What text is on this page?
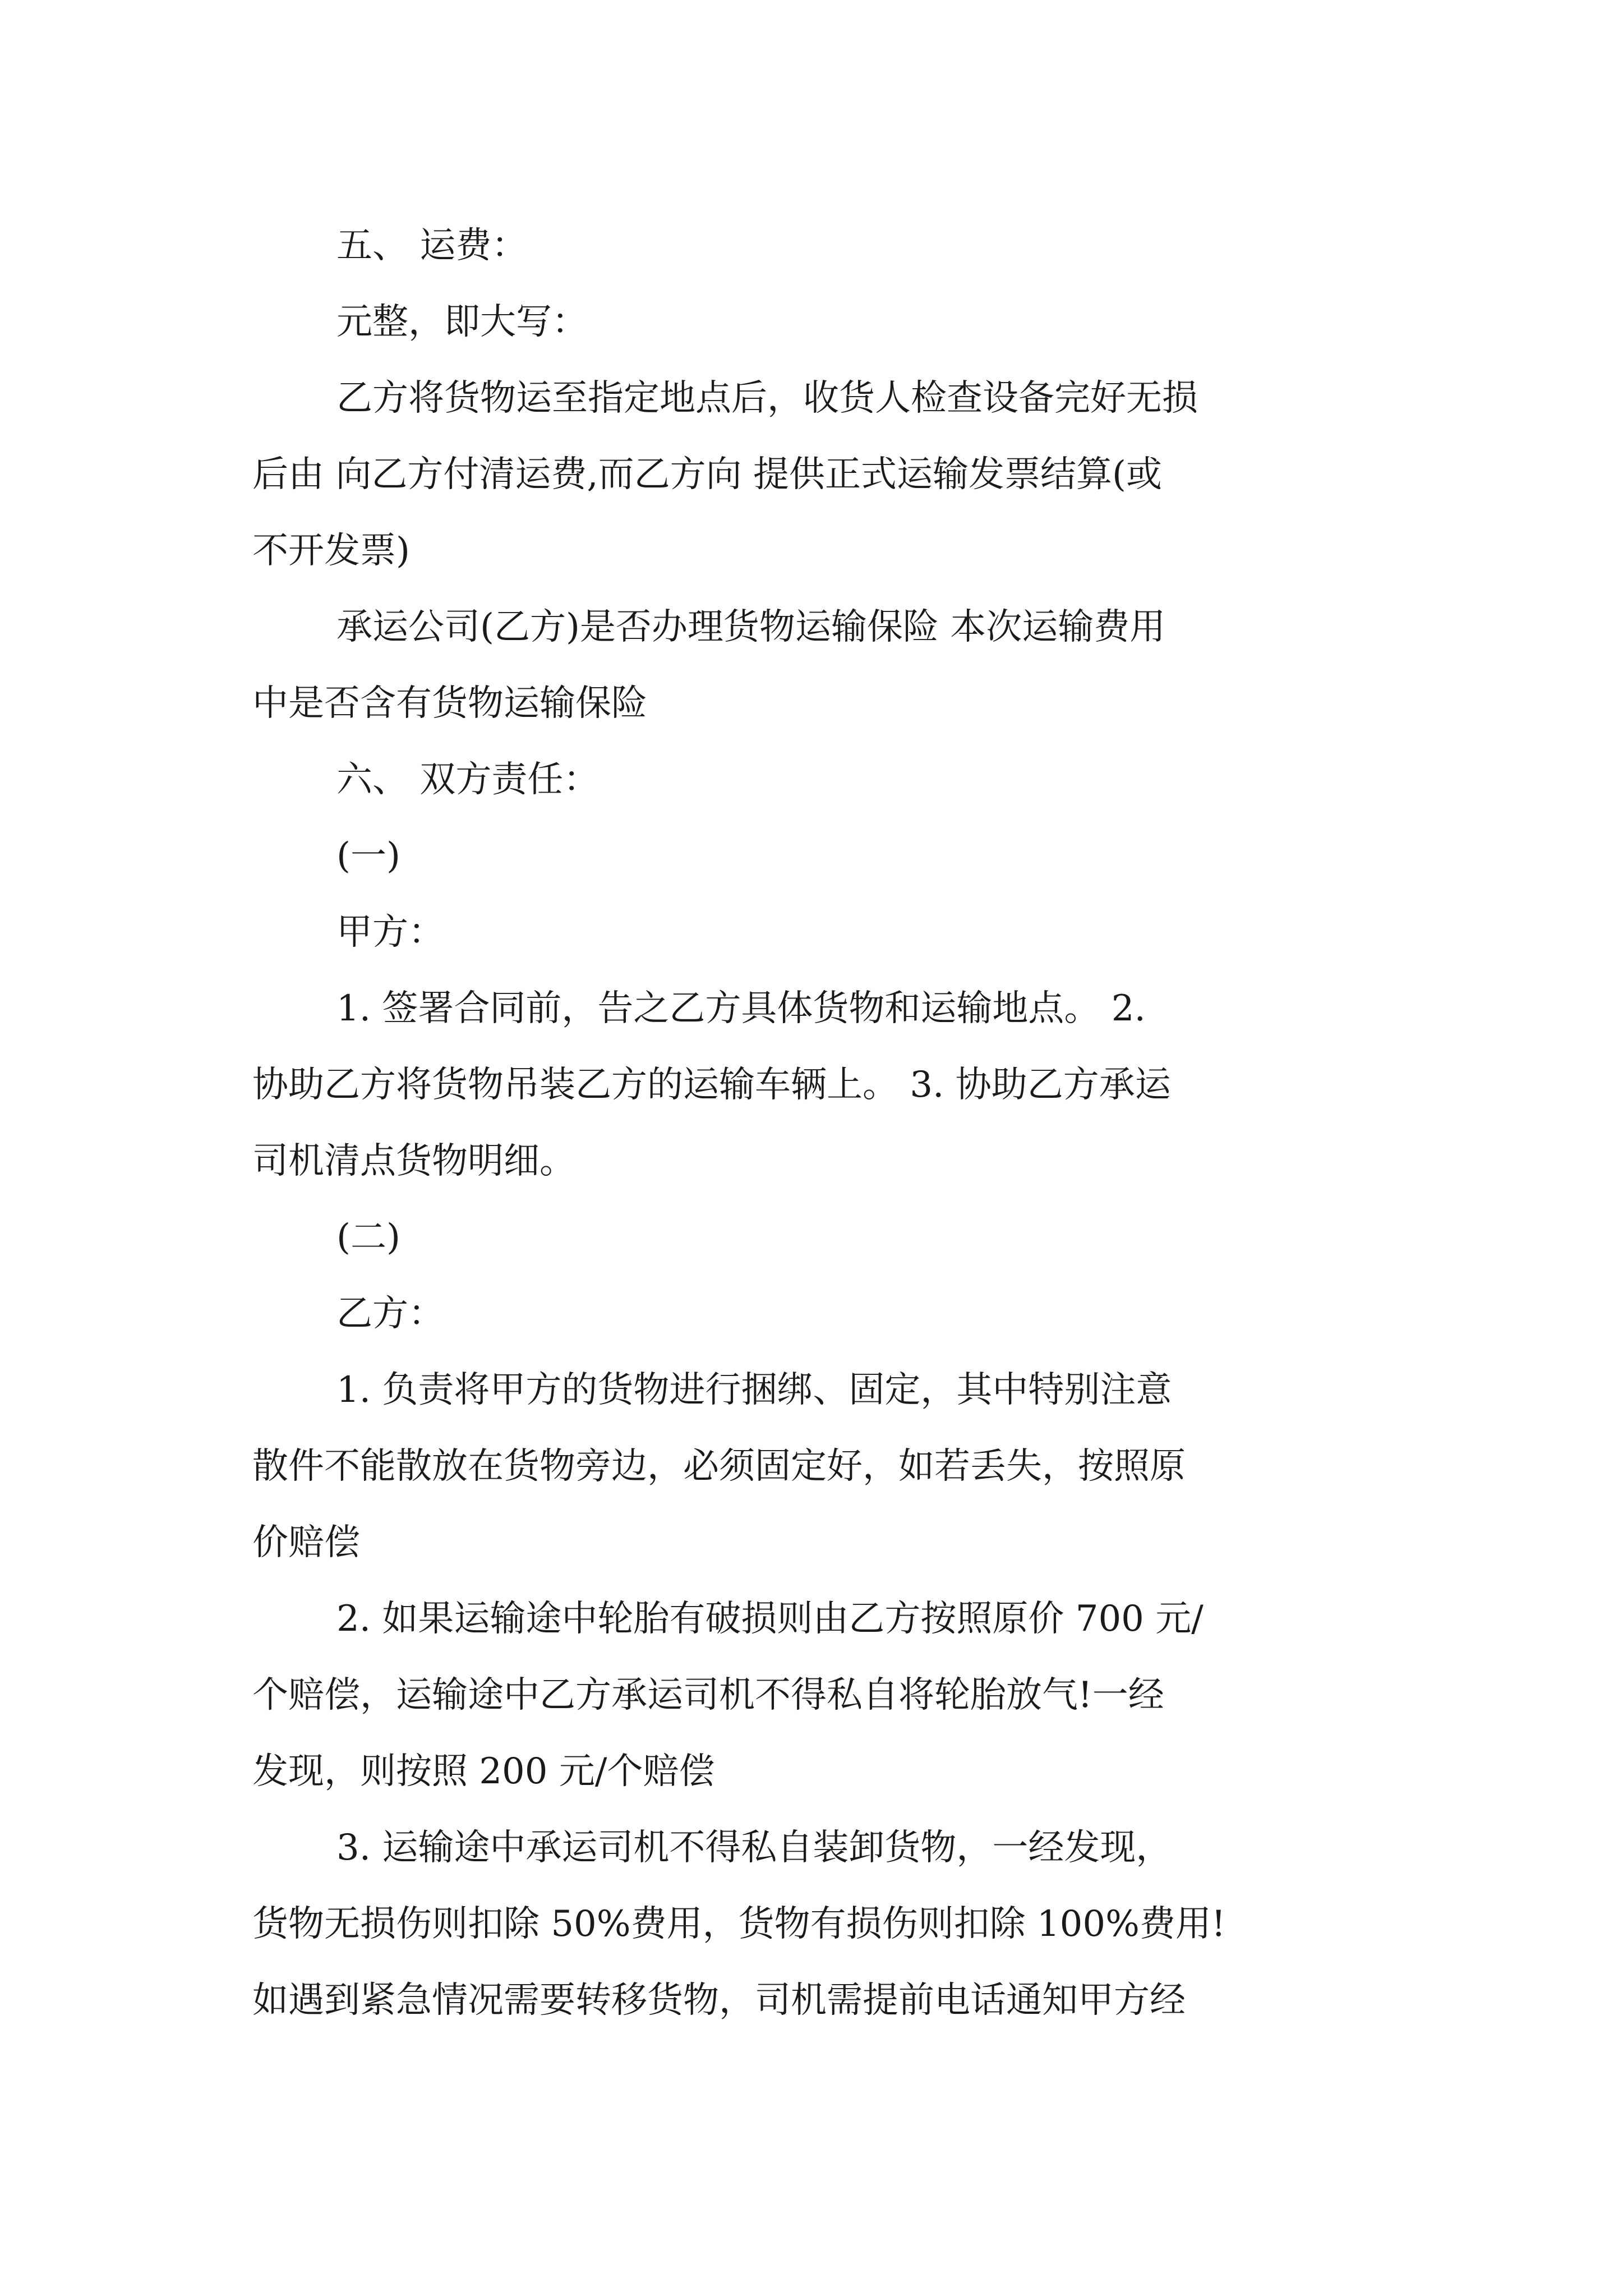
五、 运费：
元整，即大写：
乙方将货物运至指定地点后，收货人检查设备完好无损
后由 向乙方付清运费,而乙方向 提供正式运输发票结算(或
不开发票)
承运公司(乙方)是否办理货物运输保险 本次运输费用
中是否含有货物运输保险
六、 双方责任：
(一)
甲方：
1. 签署合同前，告之乙方具体货物和运输地点。 2.
协助乙方将货物吊装乙方的运输车辆上。 3. 协助乙方承运
司机清点货物明细。
(二)
乙方：
1. 负责将甲方的货物进行捆绑、固定，其中特别注意
散件不能散放在货物旁边，必须固定好，如若丢失，按照原
价赔偿
2. 如果运输途中轮胎有破损则由乙方按照原价 700 元/
个赔偿，运输途中乙方承运司机不得私自将轮胎放气!一经
发现，则按照 200 元/个赔偿
3. 运输途中承运司机不得私自装卸货物，一经发现，
货物无损伤则扣除 50%费用，货物有损伤则扣除 100%费用!
如遇到紧急情况需要转移货物，司机需提前电话通知甲方经
